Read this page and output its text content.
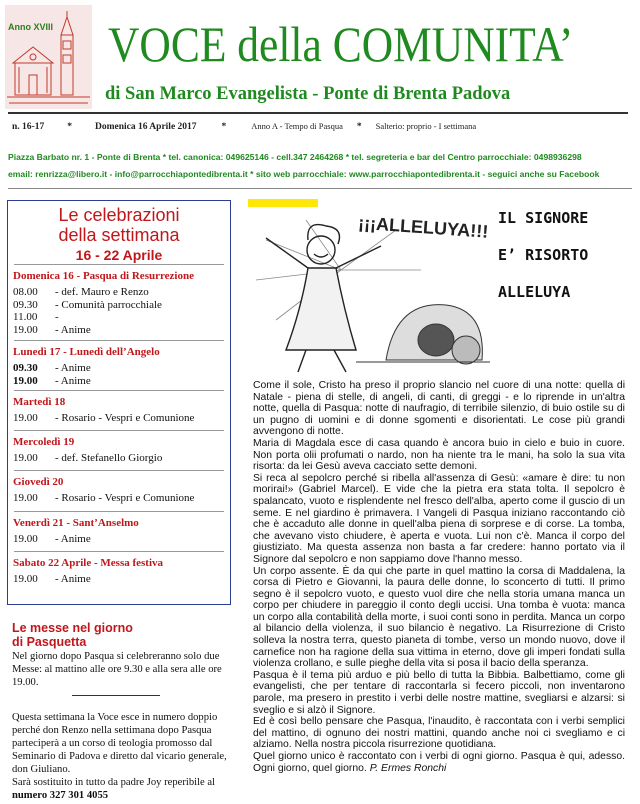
Anno XVIII VOCE della COMUNITA’
di San Marco Evangelista - Ponte di Brenta Padova
n. 16-17 * Domenica 16 Aprile 2017	*	Anno A - Tempo di Pasqua * Salterio: proprio - I settimana
Piazza Barbato nr. 1 - Ponte di Brenta * tel. canonica: 049625146 - cell.347 2464268 * tel. segreteria e bar del Centro parrocchiale: 0498936298
email: renrizza@libero.it - info@parrocchiapontedibrenta.it * sito web parrocchiale: www.parrocchiapontedibrenta.it - seguici anche su Facebook
Le celebrazioni
della settimana
16 - 22 Aprile
Domenica 16 - Pasqua di Resurrezione
08.00 - def. Mauro e Renzo
09.30 - Comunità parrocchiale
11.00 -
19.00 - Anime
Lunedì 17 - Lunedì dell’Angelo
09.30 - Anime
19.00 - Anime
Martedì 18
19.00 - Rosario - Vespri e Comunione
Mercoledì 19
19.00 - def. Stefanello Giorgio
Giovedì 20
19.00 - Rosario - Vespri e Comunione
Venerdì 21 - Sant’Anselmo
19.00 - Anime
Sabato 22 Aprile - Messa festiva
19.00 - Anime
Le messe nel giorno
di Pasquetta

Nel giorno dopo Pasqua si celebreranno solo due Messe: al mattino alle ore 9.30 e alla sera alle ore 19.00.

Questa settimana la Voce esce in numero doppio perché don Renzo nella settimana dopo Pasqua parteciperà a un corso di teologia promosso dal Seminario di Padova e diretto dal vicario generale, don Giuliano.

Sarà sostituito in tutto da padre Joy reperibile al numero 327 301 4055

¡¡¡ALLELUYA!!! IL SIGNORE
E’ RISORTO
ALLELUYA

Come il sole, Cristo ha preso il proprio slancio nel cuore di una notte: quella di Natale - piena di stelle, di angeli, di canti, di greggi - e lo riprende in un'altra notte, quella di Pasqua: notte di naufragio, di terribile silenzio, di buio ostile su di un pugno di uomini e di donne sgomenti e disorientati. Le cose più grandi avvengono di notte.

Maria di Magdala esce di casa quando è ancora buio in cielo e buio in cuore. Non porta olii profumati o nardo, non ha niente tra le mani, ha solo la sua vita risorta: da lei Gesù aveva cacciato sette demoni.

Si reca al sepolcro perché si ribella all'assenza di Gesù: «amare è dire: tu non morirai!» (Gabriel Marcel). E vide che la pietra era stata tolta. Il sepolcro è spalancato, vuoto e risplendente nel fresco dell'alba, aperto come il guscio di un seme. E nel giardino è primavera. I Vangeli di Pasqua iniziano raccontando ciò che è accaduto alle donne in quell'alba piena di sorprese e di corse. La tomba, che avevano visto chiudere, è aperta e vuota. Lui non c'è. Manca il corpo del giustiziato. Ma questa assenza non basta a far credere: hanno portato via il Signore dal sepolcro e non sappiamo dove l'hanno messo.

Un corpo assente. È da qui che parte in quel mattino la corsa di Maddalena, la corsa di Pietro e Giovanni, la paura delle donne, lo sconcerto di tutti. Il primo segno è il sepolcro vuoto, e questo vuol dire che nella storia umana manca un corpo per chiudere in pareggio il conto degli uccisi. Una tomba è vuota: manca un corpo alla contabilità della morte, i suoi conti sono in perdita. Manca un corpo al bilancio della violenza, il suo bilancio è negativo. La Risurrezione di Cristo solleva la nostra terra, questo pianeta di tombe, verso un mondo nuovo, dove il carnefice non ha ragione della sua vittima in eterno, dove gli imperi fondati sulla violenza crollano, e sulle pieghe della vita si posa il bacio della speranza.

Pasqua è il tema più arduo e più bello di tutta la Bibbia. Balbettiamo, come gli evangelisti, che per tentare di raccontarla si fecero piccoli, non inventarono parole, ma presero in prestito i verbi delle nostre mattine, svegliarsi e alzarsi: si sveglio e si alzò il Signore.

Ed è così bello pensare che Pasqua, l'inaudito, è raccontata con i verbi semplici del mattino, di ognuno dei nostri mattini, quando anche noi ci svegliamo e ci alziamo. Nella nostra piccola risurrezione quotidiana.

Quel giorno unico è raccontato con i verbi di ogni giorno. Pasqua è qui, adesso. Ogni giorno, quel giorno. P. Ermes Ronchi
